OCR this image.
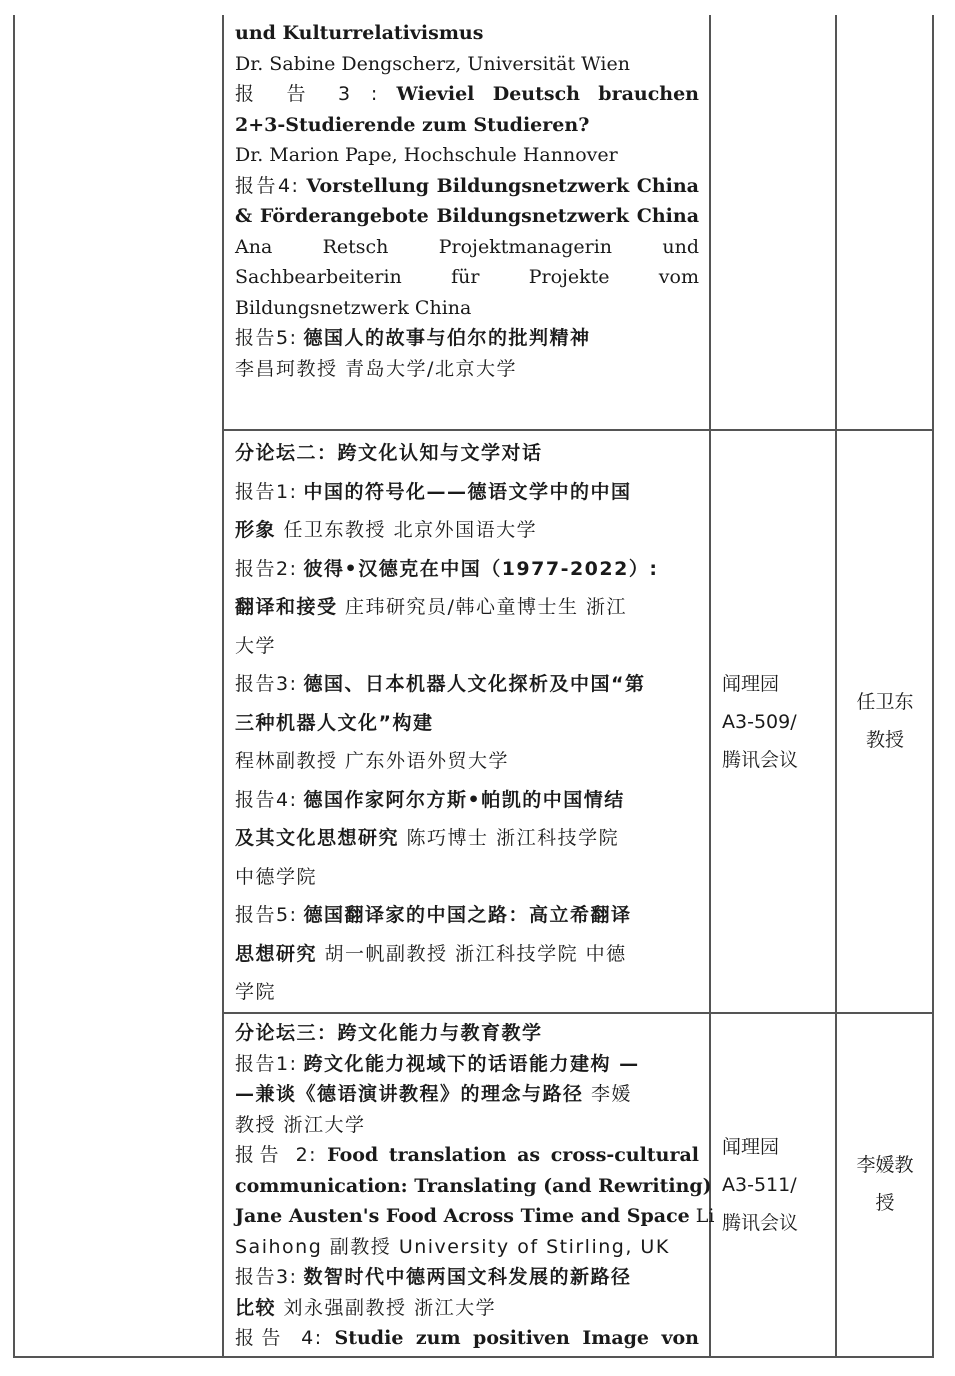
und Kulturrelativismus
Dr. Sabine Dengscherz, Universität Wien
报 告 3 : Wieviel Deutsch brauchen
2+3-Studierende zum Studieren?
Dr. Marion Pape, Hochschule Hannover
报告4: Vorstellung Bildungsnetzwerk China
& Förderangebote Bildungsnetzwerk China
Ana Retsch Projektmanagerin und
Sachbearbeiterin für Projekte vom
Bildungsnetzwerk China
报告5: 德国人的故事与伯尔的批判精神
李昌珂教授 青岛大学/北京大学
分论坛二：跨文化认知与文学对话
报告1: 中国的符号化——德语文学中的中国
形象 任卫东教授 北京外国语大学
报告2: 彼得•汉德克在中国（1977-2022）:
翻译和接受 庄玮研究员/韩心童博士生 浙江
大学
报告3: 德国、日本机器人文化探析及中国“第
三种机器人文化”构建
程林副教授 广东外语外贸大学
报告4: 德国作家阿尔方斯•帕凯的中国情结
及其文化思想研究 陈巧博士 浙江科技学院
中德学院
报告5: 德国翻译家的中国之路：高立希翻译
思想研究 胡一帆副教授 浙江科技学院 中德
学院
闻理园
A3-509/
腾讯会议
任卫东
教授
分论坛三：跨文化能力与教育教学
报告1: 跨文化能力视域下的话语能力建构 —
—兼谈《德语演讲教程》的理念与路径 李媛
教授 浙江大学
报告 2: Food translation as cross-cultural
communication: Translating (and Rewriting)
Jane Austen's Food Across Time and Space Li
Saihong 副教授 University of Stirling, UK
报告3: 数智时代中德两国文科发展的新路径
比较 刘永强副教授 浙江大学
报告 4: Studie zum positiven Image von
闻理园
A3-511/
腾讯会议
李媛教
授
